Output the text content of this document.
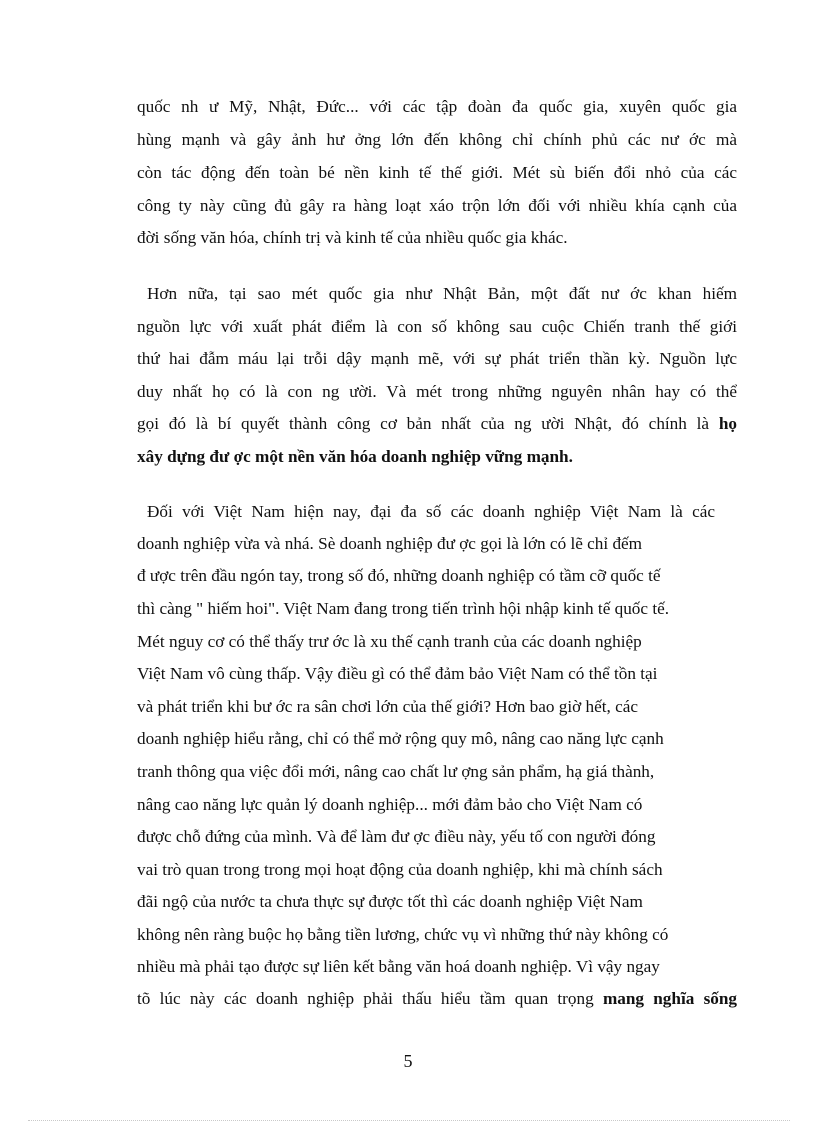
quốc nh ư Mỹ, Nhật, Đức... với các tập đoàn đa quốc gia, xuyên quốc gia
hùng mạnh và gây ảnh hư ởng lớn đến không chỉ chính phủ các nư ớc mà
còn tác động đến toàn bé nền kinh tế thế giới. Mét sù biến đổi nhỏ của các
công ty này cũng đủ gây ra hàng loạt xáo trộn lớn đối với nhiều khía cạnh của
đời sống văn hóa, chính trị và kinh tế của nhiều quốc gia khác.
Hơn nữa, tại sao mét quốc gia như Nhật Bản, một đất nư ớc khan hiếm
nguồn lực với xuất phát điểm là con số không sau cuộc Chiến tranh thế giới
thứ hai đẫm máu lại trỗi dậy mạnh mẽ, với sự phát triển thần kỳ. Nguồn lực
duy nhất họ có là con ng ười. Và mét trong những nguyên nhân hay có thể
gọi đó là bí quyết thành công cơ bản nhất của ng ười Nhật, đó chính là họ
xây dựng đư ợc một nền văn hóa doanh nghiệp vững mạnh.
Đối với Việt Nam hiện nay, đại đa số các doanh nghiệp Việt Nam là các
doanh nghiệp vừa và nhá. Sè doanh nghiệp đư ợc gọi là lớn có lẽ chỉ đếm
đ ược trên đầu ngón tay, trong số đó, những doanh nghiệp có tầm cỡ quốc tế
thì càng " hiếm hoi". Việt Nam đang trong tiến trình hội nhập kinh tế quốc tế.
Mét nguy cơ có thể thấy trư ớc là xu thế cạnh tranh của các doanh nghiệp
Việt Nam vô cùng thấp. Vậy điều gì có thể đảm bảo Việt Nam có thể tồn tại
và phát triển khi bư ớc ra sân chơi lớn của thế giới? Hơn bao giờ hết, các
doanh nghiệp hiểu rằng, chỉ có thể mở rộng quy mô, nâng cao năng lực cạnh
tranh thông qua việc đổi mới, nâng cao chất lư ợng sản phẩm, hạ giá thành,
nâng cao năng lực quản lý doanh nghiệp... mới đảm bảo cho Việt Nam có
được chỗ đứng của mình. Và để làm đư ợc điều này, yếu tố con người đóng
vai trò quan trong trong mọi hoạt động của doanh nghiệp, khi mà chính sách
đãi ngộ của nước ta chưa thực sự được tốt thì các doanh nghiệp Việt Nam
không nên ràng buộc họ bằng tiền lương, chức vụ vì những thứ này không có
nhiều mà phải tạo được sự liên kết bằng văn hoá doanh nghiệp. Vì vậy ngay
tõ lúc này các doanh nghiệp phải thấu hiểu tầm quan trọng mang nghĩa sống
5
